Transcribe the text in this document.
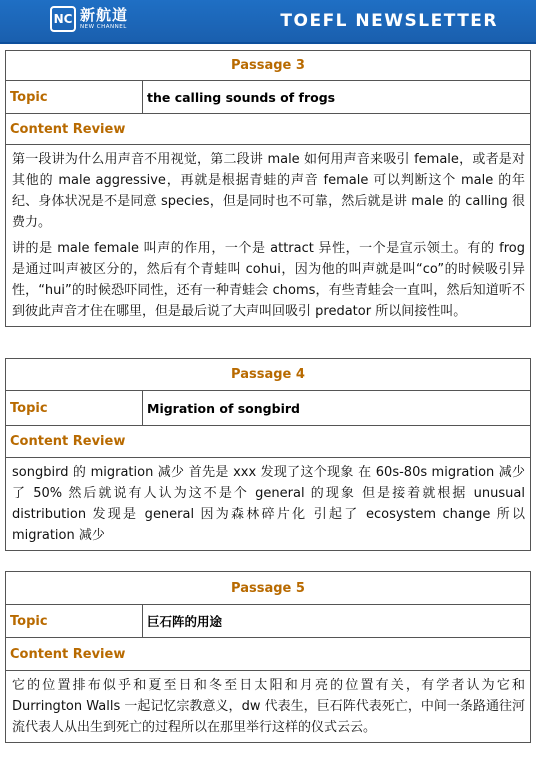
NC 新航道
NEW CHANNEL	TOEFL NEWSLETTER
Passage 3
Topic	the calling sounds of frogs
Content Review

第一段讲为什么用声音不用视觉，第二段讲 male 如何用声音来吸引 female，或者是对其他的 male aggressive，再就是根据青蛙的声音 female 可以判断这个 male 的年纪、身体状况是不是同意 species，但是同时也不可靠，然后就是讲 male 的 calling 很费力。

讲的是 male female 叫声的作用，一个是 attract 异性，一个是宣示领土。有的 frog 是通过叫声被区分的，然后有个青蛙叫 cohui，因为他的叫声就是叫“co”的时候吸引异性，“hui”的时候恐吓同性，还有一种青蛙会 choms，有些青蛙会一直叫，然后知道听不到彼此声音才住在哪里，但是最后说了大声叫回吸引 predator 所以间接性叫。

Passage 4
Topic	Migration of songbird
Content Review

songbird 的 migration 减少 首先是 xxx 发现了这个现象 在 60s-80s migration 减少了 50% 然后就说有人认为这不是个 general 的现象 但是接着就根据 unusual distribution 发现是 general 因为森林碎片化 引起了 ecosystem change 所以 migration 减少

Passage 5
Topic	巨石阵的用途
Content Review

它的位置排布似乎和夏至日和冬至日太阳和月亮的位置有关，有学者认为它和 Durrington Walls 一起记忆宗教意义，dw 代表生，巨石阵代表死亡，中间一条路通往河流代表人从出生到死亡的过程所以在那里举行这样的仪式云云。
